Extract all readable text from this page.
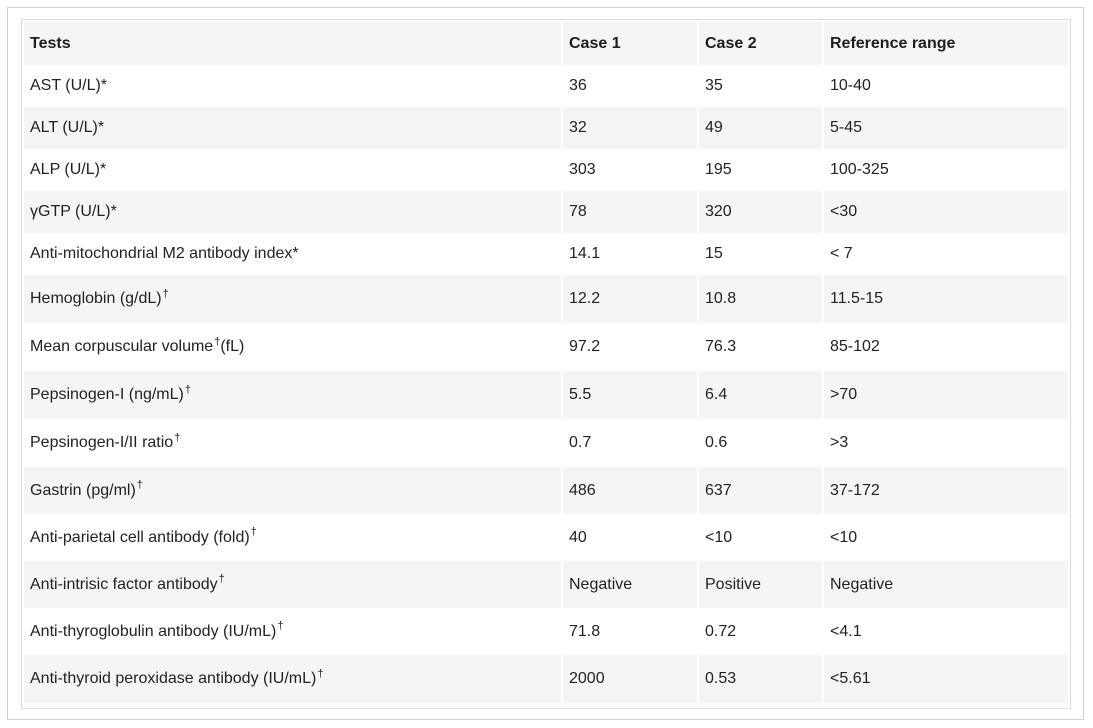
Tests	Case 1	Case 2	Reference range
AST (U/L)*	36	35	10-40
ALT (U/L)*	32	49	5-45
ALP (U/L)*	303	195	100-325
γGTP (U/L)*	78	320	<30
Anti-mitochondrial M2 antibody index*	14.1	15	< 7
Hemoglobin (g/dL)†	12.2	10.8	11.5-15
Mean corpuscular volume†(fL)	97.2	76.3	85-102
Pepsinogen-I (ng/mL)†	5.5	6.4	>70
Pepsinogen-I/II ratio†	0.7	0.6	>3
Gastrin (pg/ml)†	486	637	37-172
Anti-parietal cell antibody (fold)†	40	<10	<10
Anti-intrisic factor antibody†	Negative	Positive	Negative
Anti-thyroglobulin antibody (IU/mL)†	71.8	0.72	<4.1
Anti-thyroid peroxidase antibody (IU/mL)†	2000	0.53	<5.61
